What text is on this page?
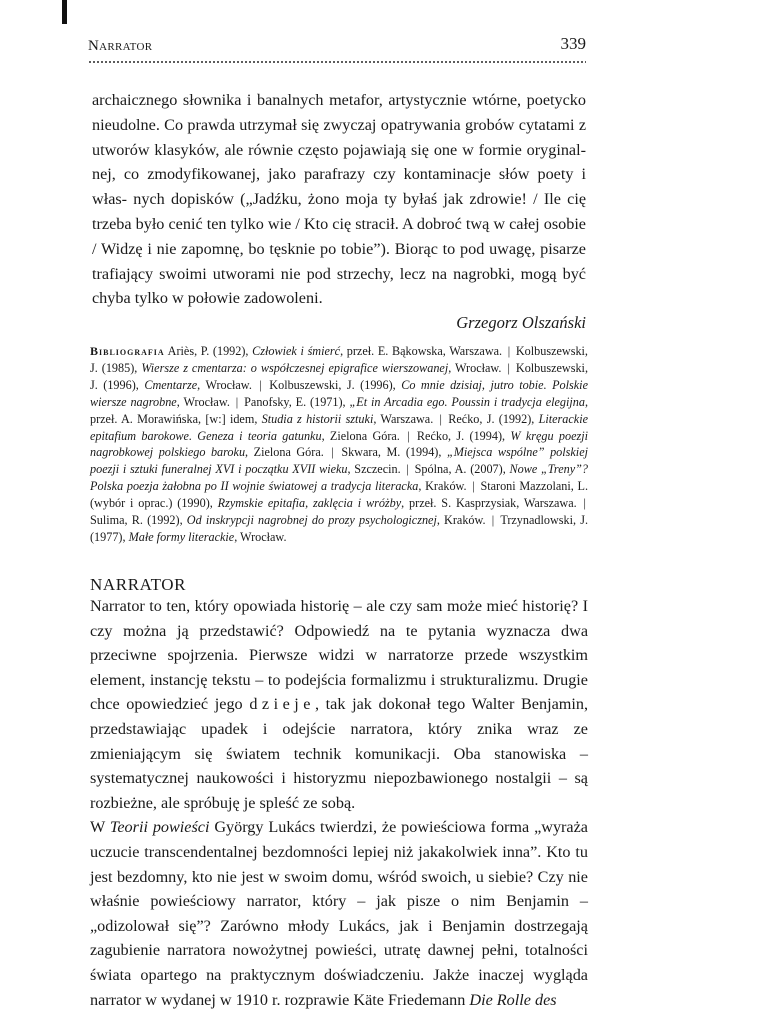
Narrator	339

archaicznego słownika i banalnych metafor, artystycznie wtórne, poetycko nieudolne. Co prawda utrzymał się zwyczaj opatrywania grobów cytatami z utworów klasyków, ale równie często pojawiają się one w formie oryginal- nej, co zmodyfikowanej, jako parafrazy czy kontaminacje słów poety i włas- nych dopisków („Jadźku, żono moja ty byłaś jak zdrowie! / Ile cię trzeba było cenić ten tylko wie / Kto cię stracił. A dobroć twą w całej osobie / Widzę i nie zapomnę, bo tęsknie po tobie”). Biorąc to pod uwagę, pisarze trafiający swoimi utworami nie pod strzechy, lecz na nagrobki, mogą być chyba tylko w połowie zadowoleni.

Grzegorz Olszański

Bibliografia Ariès, P. (1992), Człowiek i śmierć, przeł. E. Bąkowska, Warszawa. | Kolbuszewski, J. (1985), Wiersze z cmentarza: o współczesnej epigrafice wierszowanej, Wrocław. | Kolbuszewski, J. (1996), Cmentarze, Wrocław. | Kolbuszewski, J. (1996), Co mnie dzisiaj, jutro tobie. Polskie wiersze nagrobne, Wrocław. | Panofsky, E. (1971), „Et in Arcadia ego. Poussin i tradycja elegijna, przeł. A. Morawińska, [w:] idem, Studia z historii sztuki, Warszawa. | Rećko, J. (1992), Literackie epitafium barokowe. Geneza i teoria gatunku, Zielona Góra. | Rećko, J. (1994), W kręgu poezji nagrobkowej polskiego baroku, Zielona Góra. | Skwara, M. (1994), „Miejsca wspólne” polskiej poezji i sztuki funeralnej XVI i początku XVII wieku, Szczecin. | Spólna, A. (2007), Nowe „Treny”? Polska poezja żałobna po II wojnie światowej a tradycja literacka, Kraków. | Staroni Mazzolani, L. (wybór i oprac.) (1990), Rzymskie epitafia, zaklęcia i wróżby, przeł. S. Kasprzysiak, Warszawa. | Sulima, R. (1992), Od inskrypcji nagrobnej do prozy psychologicznej, Kraków. | Trzynadlowski, J. (1977), Małe formy literackie, Wrocław.
NARRATOR

Narrator to ten, który opowiada historię – ale czy sam może mieć historię? I czy można ją przedstawić? Odpowiedź na te pytania wyznacza dwa przeciwne spojrzenia. Pierwsze widzi w narratorze przede wszystkim element, instancję tekstu – to podejścia formalizmu i strukturalizmu. Drugie chce opowiedzieć jego dzieje, tak jak dokonał tego Walter Benjamin, przedstawiając upadek i odejście narratora, który znika wraz ze zmieniającym się światem technik komunikacji. Oba stanowiska – systematycznej naukowości i historyzmu niepozbawionego nostalgii – są rozbieżne, ale spróbuję je spleść ze sobą.

W Teorii powieści György Lukács twierdzi, że powieściowa forma „wyraża uczucie transcendentalnej bezdomności lepiej niż jakakolwiek inna”. Kto tu jest bezdomny, kto nie jest w swoim domu, wśród swoich, u siebie? Czy nie właśnie powieściowy narrator, który – jak pisze o nim Benjamin – „odizolował się”? Zarówno młody Lukács, jak i Benjamin dostrzegają zagubienie narratora nowożytnej powieści, utratę dawnej pełni, totalności świata opartego na praktycznym doświadczeniu. Jakże inaczej wygląda narrator w wydanej w 1910 r. rozprawie Käte Friedemann Die Rolle des
